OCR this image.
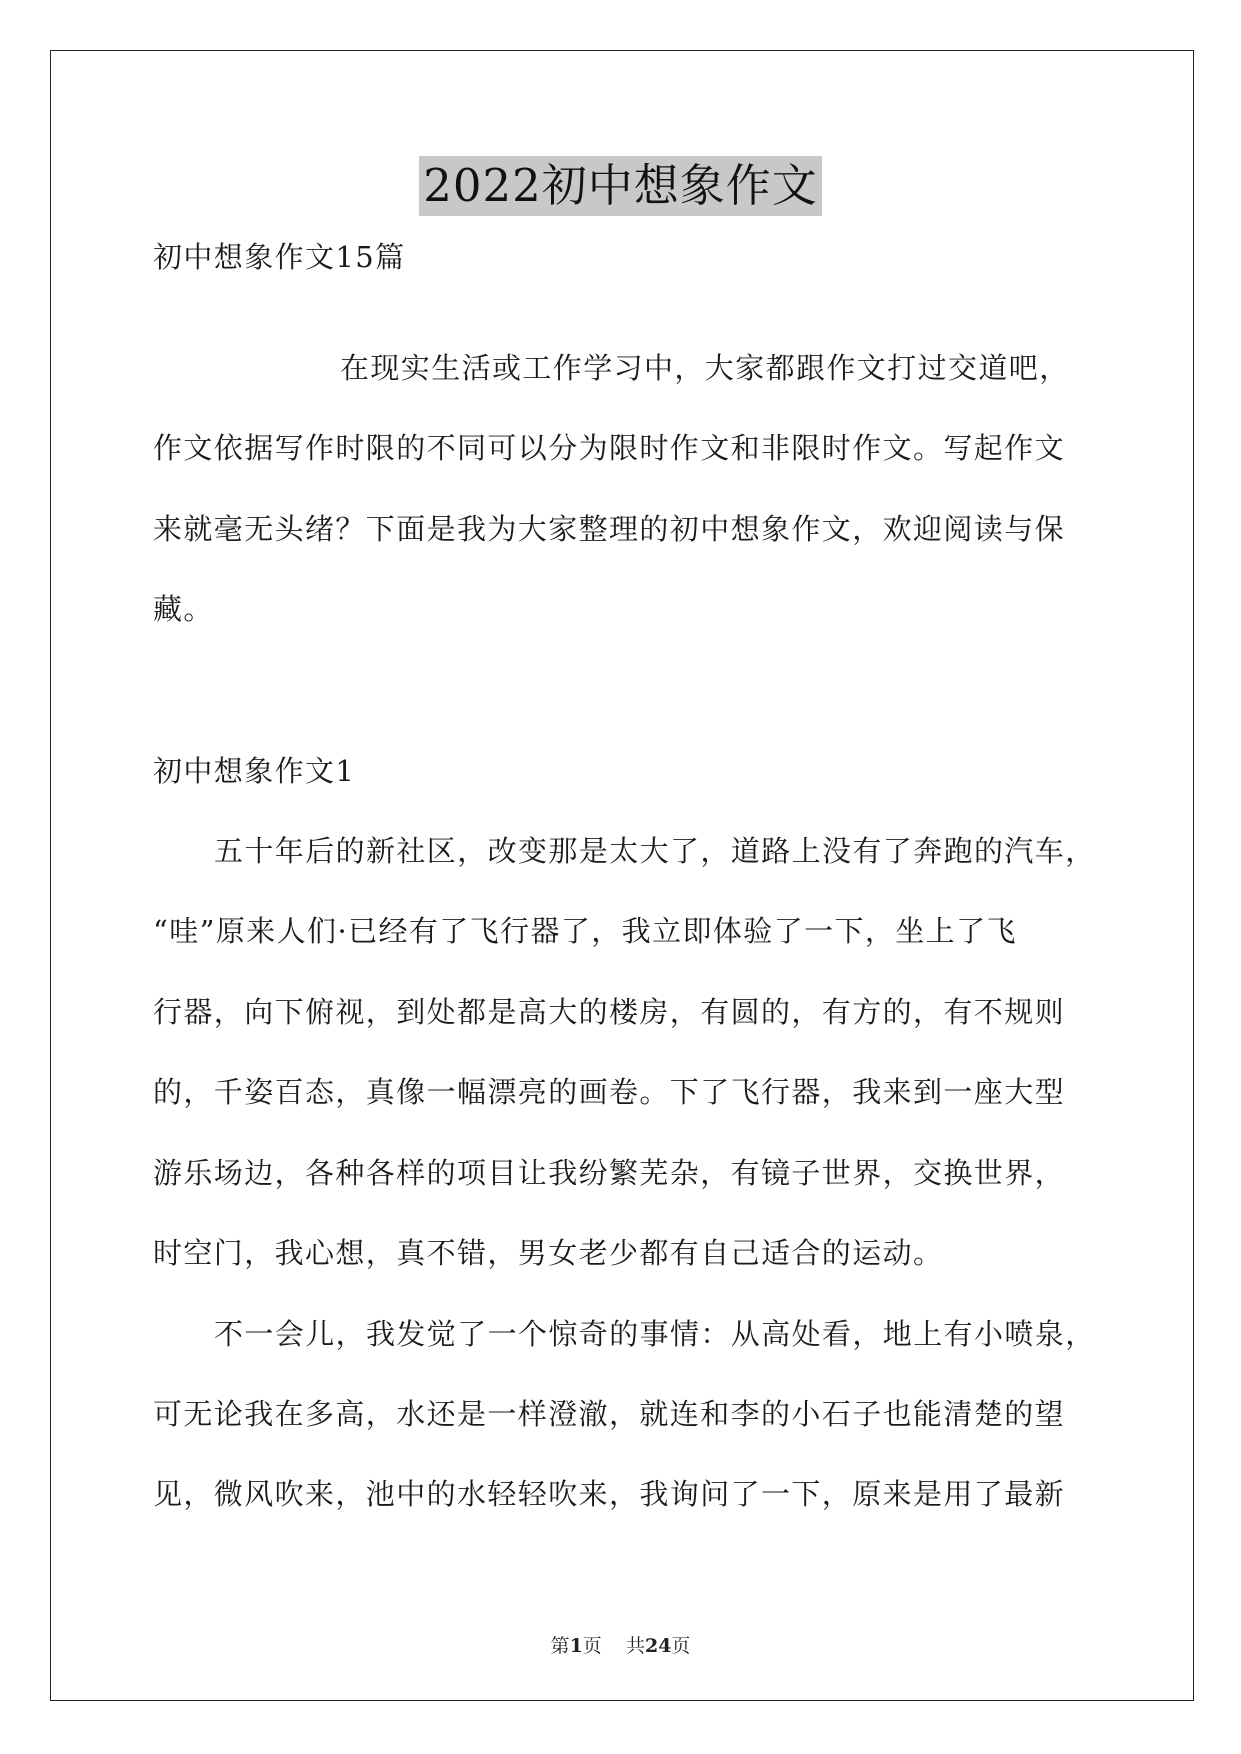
2022初中想象作文
初中想象作文15篇
在现实生活或工作学习中，大家都跟作文打过交道吧，
作文依据写作时限的不同可以分为限时作文和非限时作文。写起作文
来就毫无头绪？下面是我为大家整理的初中想象作文，欢迎阅读与保
藏。
初中想象作文1
五十年后的新社区，改变那是太大了，道路上没有了奔跑的汽车，
“哇”原来人们·已经有了飞行器了，我立即体验了一下，坐上了飞
行器，向下俯视，到处都是高大的楼房，有圆的，有方的，有不规则
的，千姿百态，真像一幅漂亮的画卷。下了飞行器，我来到一座大型
游乐场边，各种各样的项目让我纷繁芜杂，有镜子世界，交换世界，
时空门，我心想，真不错，男女老少都有自己适合的运动。
不一会儿，我发觉了一个惊奇的事情：从高处看，地上有小喷泉，
可无论我在多高，水还是一样澄澈，就连和李的小石子也能清楚的望
见，微风吹来，池中的水轻轻吹来，我询问了一下，原来是用了最新
第1页    共24页
